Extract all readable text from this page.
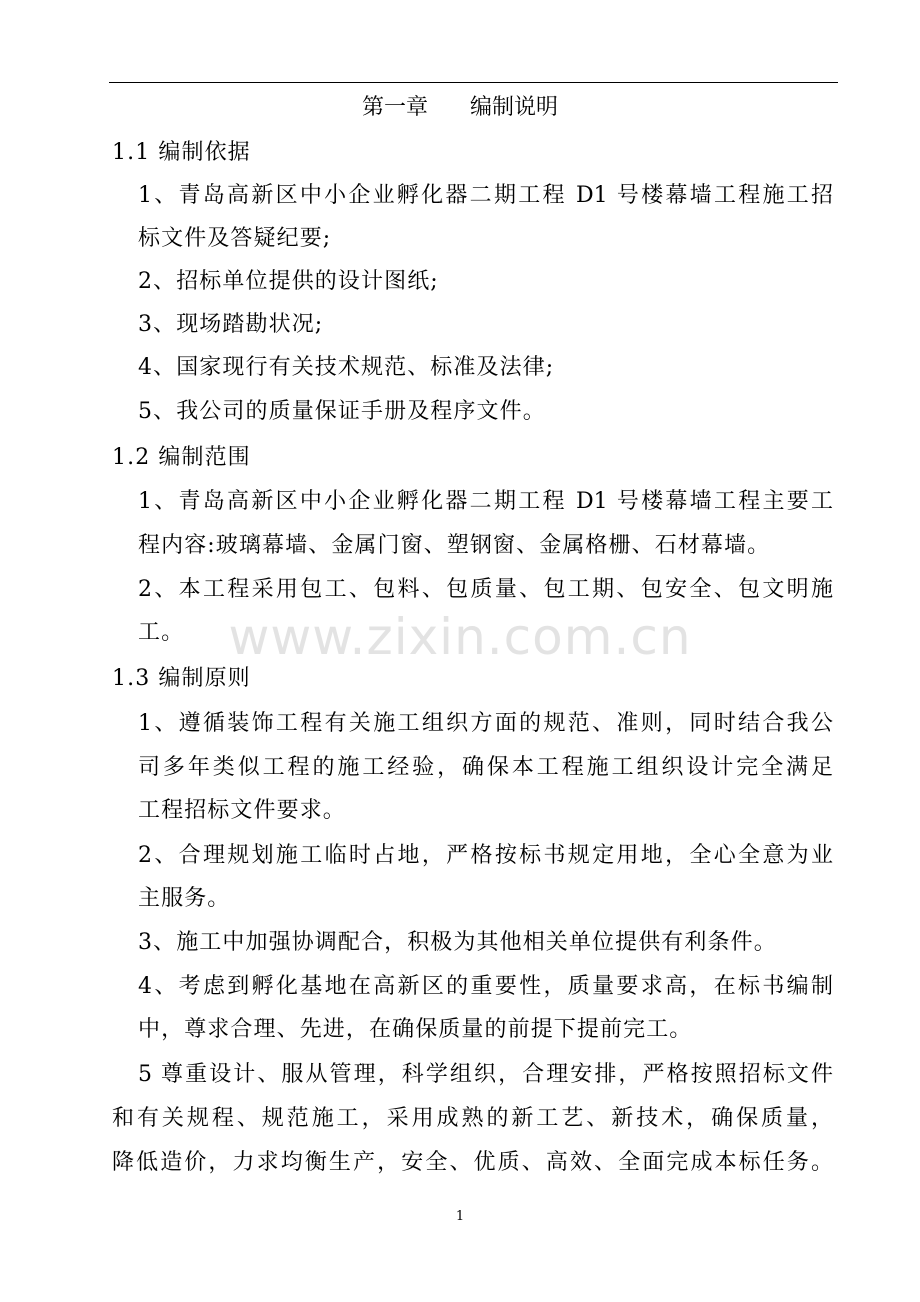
第一章      编制说明
1.1 编制依据
1、青岛高新区中小企业孵化器二期工程 D1 号楼幕墙工程施工招
标文件及答疑纪要;
2、招标单位提供的设计图纸;
3、现场踏勘状况;
4、国家现行有关技术规范、标准及法律;
5、我公司的质量保证手册及程序文件。
1.2 编制范围
1、青岛高新区中小企业孵化器二期工程 D1 号楼幕墙工程主要工
程内容:玻璃幕墙、金属门窗、塑钢窗、金属格栅、石材幕墙。
2、本工程采用包工、包料、包质量、包工期、包安全、包文明施
工。
1.3 编制原则
1、遵循装饰工程有关施工组织方面的规范、准则，同时结合我公
司多年类似工程的施工经验，确保本工程施工组织设计完全满足
工程招标文件要求。
2、合理规划施工临时占地，严格按标书规定用地，全心全意为业
主服务。
3、施工中加强协调配合，积极为其他相关单位提供有利条件。
4、考虑到孵化基地在高新区的重要性，质量要求高，在标书编制
中，尊求合理、先进，在确保质量的前提下提前完工。
5 尊重设计、服从管理，科学组织，合理安排，严格按照招标文件
和有关规程、规范施工，采用成熟的新工艺、新技术，确保质量，
降低造价，力求均衡生产，安全、优质、高效、全面完成本标任务。
www.zixin.com.cn
1
